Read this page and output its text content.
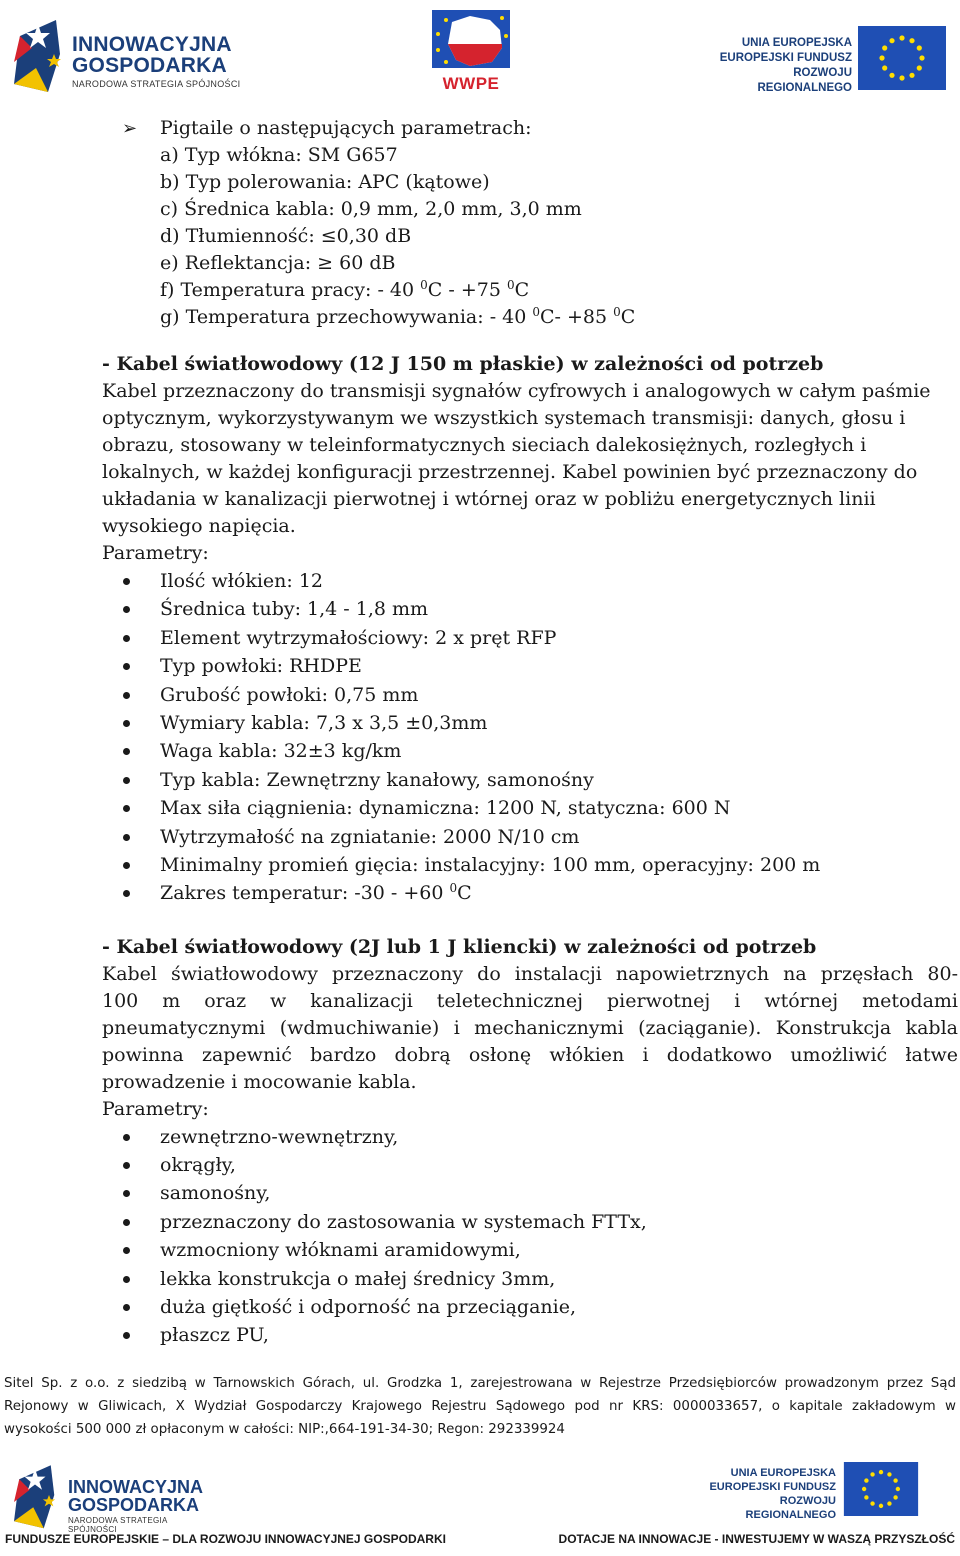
INNOWACYJNA
GOSPODARKA
NARODOWA STRATEGIA SPÓJNOŚCI	WWPE
UNIA EUROPEJSKA
EUROPEJSKI FUNDUSZ
ROZWOJU REGIONALNEGO
➢ Pigtaile o następujących parametrach:
a) Typ włókna: SM G657
b) Typ polerowania: APC (kątowe)
c) Średnica kabla: 0,9 mm, 2,0 mm, 3,0 mm
d) Tłumienność: ≤0,30 dB
e) Reflektancja: ≥ 60 dB
f) Temperatura pracy: - 40 $^0$C - +75 $^0$C
g) Temperatura przechowywania: - 40 $^0$C- +85 $^0$C
- Kabel światłowodowy (12 J 150 m płaskie) w zależności od potrzeb
Kabel przeznaczony do transmisji sygnałów cyfrowych i analogowych w całym paśmie
optycznym, wykorzystywanym we wszystkich systemach transmisji: danych, głosu i
obrazu, stosowany w teleinformatycznych sieciach dalekosiężnych, rozległych i
lokalnych, w każdej konfiguracji przestrzennej. Kabel powinien być przeznaczony do
układania w kanalizacji pierwotnej i wtórnej oraz w pobliżu energetycznych linii
wysokiego napięcia.
Parametry:
Ilość włókien: 12
Średnica tuby: 1,4 - 1,8 mm
Element wytrzymałościowy: 2 x pręt RFP
Typ powłoki: RHDPE
Grubość powłoki: 0,75 mm
Wymiary kabla: 7,3 x 3,5 ±0,3mm
Waga kabla: 32±3 kg/km
Typ kabla: Zewnętrzny kanałowy, samonośny
Max siła ciągnienia: dynamiczna: 1200 N, statyczna: 600 N
Wytrzymałość na zgniatanie: 2000 N/10 cm
Minimalny promień gięcia: instalacyjny: 100 mm, operacyjny: 200 m
Zakres temperatur: -30 - +60 $^0$C
- Kabel światłowodowy (2J lub 1 J kliencki) w zależności od potrzeb
Kabel światłowodowy przeznaczony do instalacji napowietrznych na przęsłach 80-
100 m oraz w kanalizacji teletechnicznej pierwotnej i wtórnej metodami
pneumatycznymi (wdmuchiwanie) i mechanicznymi (zaciąganie). Konstrukcja kabla
powinna zapewnić bardzo dobrą osłonę włókien i dodatkowo umożliwić łatwe
prowadzenie i mocowanie kabla.
Parametry:
zewnętrzno-wewnętrzny,
okrągły,
samonośny,
przeznaczony do zastosowania w systemach FTTx,
wzmocniony włóknami aramidowymi,
lekka konstrukcja o małej średnicy 3mm,
duża giętkość i odporność na przeciąganie,
płaszcz PU,
Sitel Sp. z o.o. z siedzibą w Tarnowskich Górach, ul. Grodzka 1, zarejestrowana w Rejestrze Przedsiębiorców prowadzonym przez Sąd
Rejonowy w Gliwicach, X Wydział Gospodarczy Krajowego Rejestru Sądowego pod nr KRS: 0000033657, o kapitale zakładowym w
wysokości 500 000 zł opłaconym w całości: NIP:,664-191-34-30; Regon: 292339924
INNOWACYJNA
GOSPODARKA
NARODOWA STRATEGIA SPÓJNOŚCI
UNIA EUROPEJSKA
EUROPEJSKI FUNDUSZ
ROZWOJU REGIONALNEGO
FUNDUSZE EUROPEJSKIE – DLA ROZWOJU INNOWACYJNEJ GOSPODARKI	DOTACJE NA INNOWACJE - INWESTUJEMY W WASZĄ PRZYSZŁOŚĆ
